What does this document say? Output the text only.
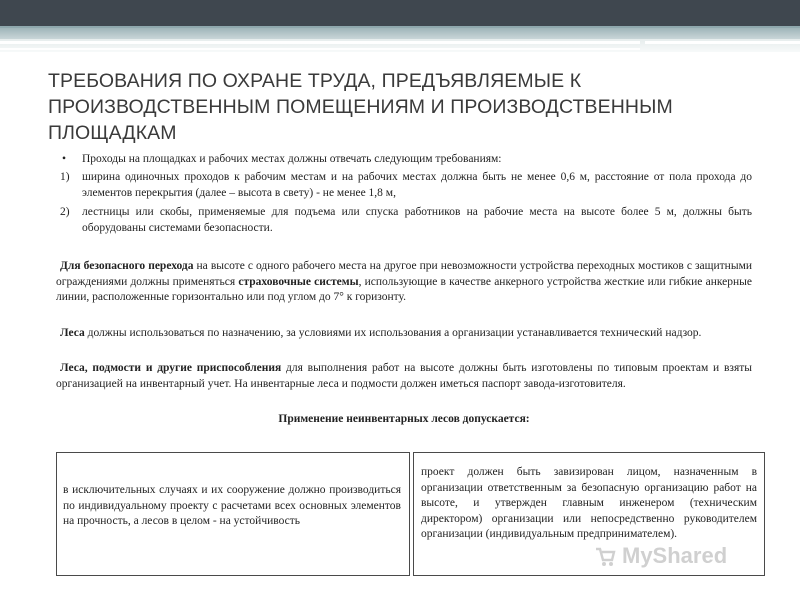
ТРЕБОВАНИЯ ПО ОХРАНЕ ТРУДА, ПРЕДЪЯВЛЯЕМЫЕ К ПРОИЗВОДСТВЕННЫМ ПОМЕЩЕНИЯМ И ПРОИЗВОДСТВЕННЫМ ПЛОЩАДКАМ
• Проходы на площадках и рабочих местах должны отвечать следующим требованиям:
1) ширина одиночных проходов к рабочим местам и на рабочих местах должна быть не менее 0,6 м, расстояние от пола прохода до элементов перекрытия (далее – высота в свету) - не менее 1,8 м,
2) лестницы или скобы, применяемые для подъема или спуска работников на рабочие места на высоте более 5 м, должны быть оборудованы системами безопасности.
Для безопасного перехода на высоте с одного рабочего места на другое при невозможности устройства переходных мостиков с защитными ограждениями должны применяться страховочные системы, использующие в качестве анкерного устройства жесткие или гибкие анкерные линии, расположенные горизонтально или под углом до 7° к горизонту.
Леса должны использоваться по назначению, за условиями их использования а организации устанавливается технический надзор.
Леса, подмости и другие приспособления для выполнения работ на высоте должны быть изготовлены по типовым проектам и взяты организацией на инвентарный учет. На инвентарные леса и подмости должен иметься паспорт завода-изготовителя.
Применение неинвентарных лесов допускается:
в исключительных случаях и их сооружение должно производиться по индивидуальному проекту с расчетами всех основных элементов на прочность, а лесов в целом - на устойчивость
проект должен быть завизирован лицом, назначенным в организации ответственным за безопасную организацию работ на высоте, и утвержден главным инженером (техническим директором) организации или непосредственно руководителем организации (индивидуальным предпринимателем).
MyShared
